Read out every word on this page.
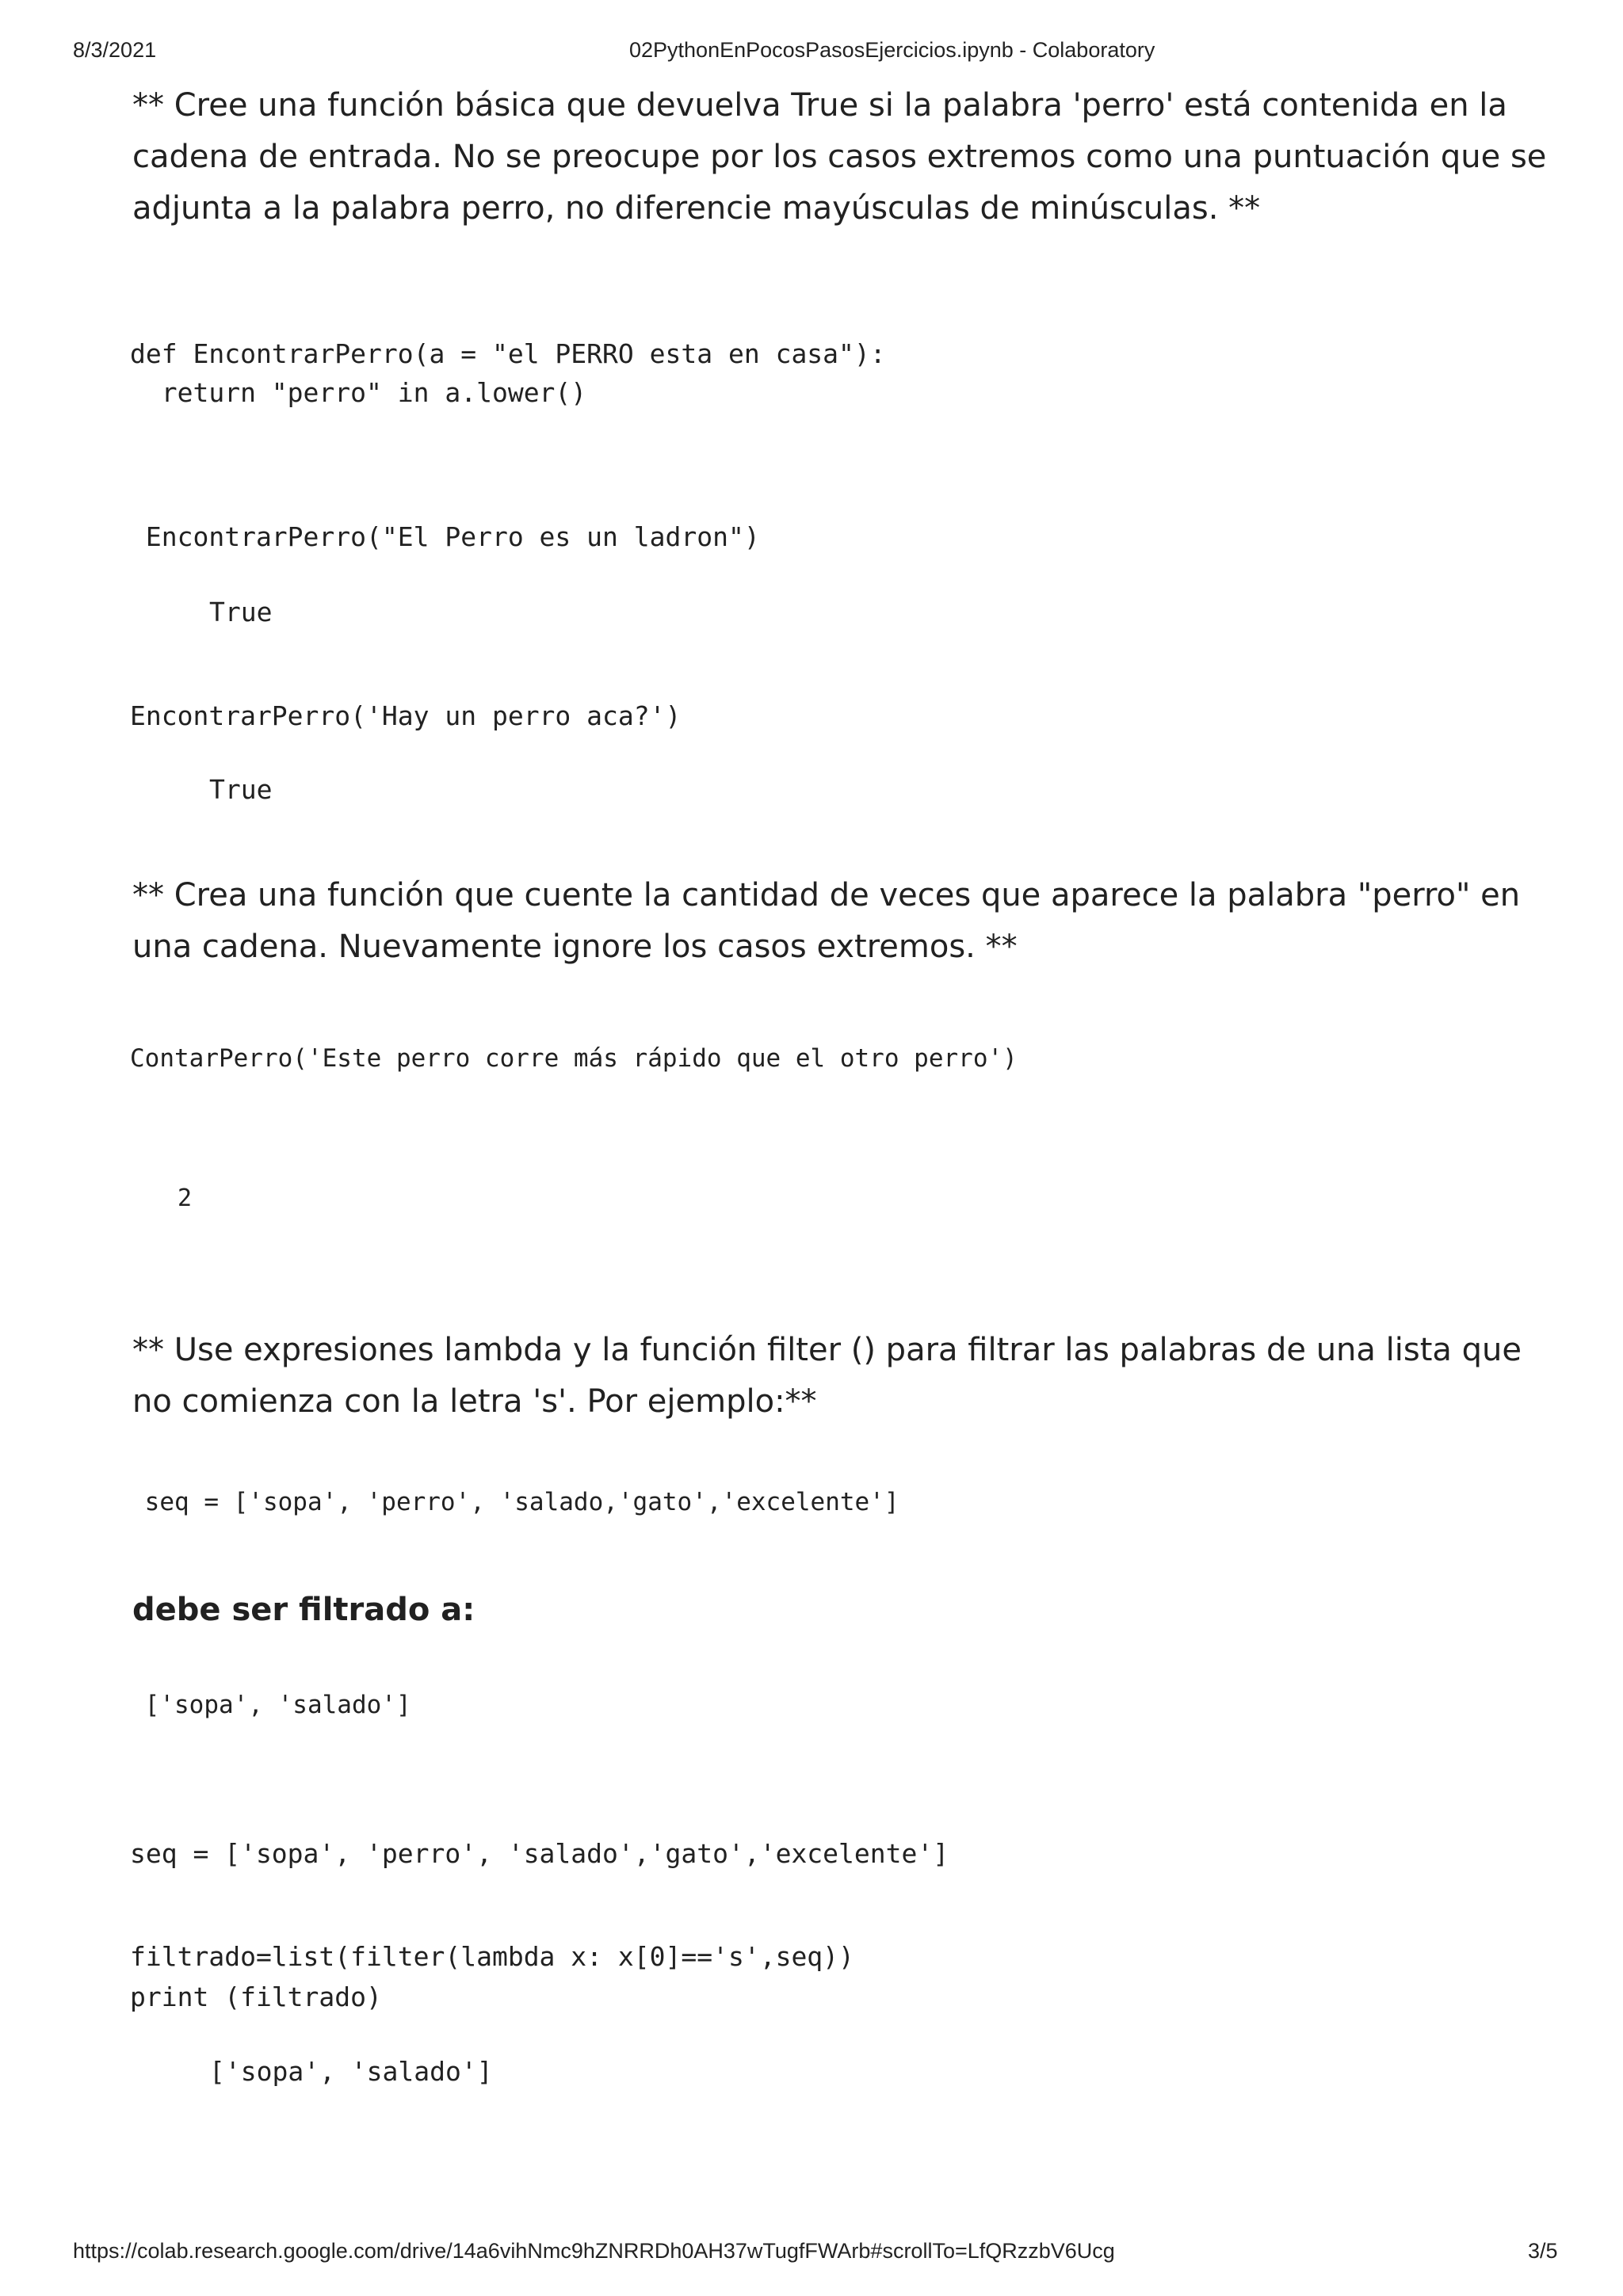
8/3/2021	02PythonEnPocosPasosEjercicios.ipynb - Colaboratory
** Cree una función básica que devuelva True si la palabra 'perro' está contenida en la cadena de entrada. No se preocupe por los casos extremos como una puntuación que se adjunta a la palabra perro, no diferencie mayúsculas de minúsculas. **
def EncontrarPerro(a = "el PERRO esta en casa"):
return "perro" in a.lower()
EncontrarPerro("El Perro es un ladron")
True
EncontrarPerro('Hay un perro aca?')
True
** Crea una función que cuente la cantidad de veces que aparece la palabra "perro" en una cadena. Nuevamente ignore los casos extremos. **
ContarPerro('Este perro corre más rápido que el otro perro')
2
** Use expresiones lambda y la función filter () para filtrar las palabras de una lista que no comienza con la letra 's'. Por ejemplo:**
seq = ['sopa', 'perro', 'salado,'gato','excelente']
debe ser filtrado a:
['sopa', 'salado']
seq = ['sopa', 'perro', 'salado','gato','excelente']
filtrado=list(filter(lambda x: x[0]=='s',seq))
print (filtrado)
['sopa', 'salado']
https://colab.research.google.com/drive/14a6vihNmc9hZNRRDh0AH37wTugfFWArb#scrollTo=LfQRzzbV6Ucg	3/5
